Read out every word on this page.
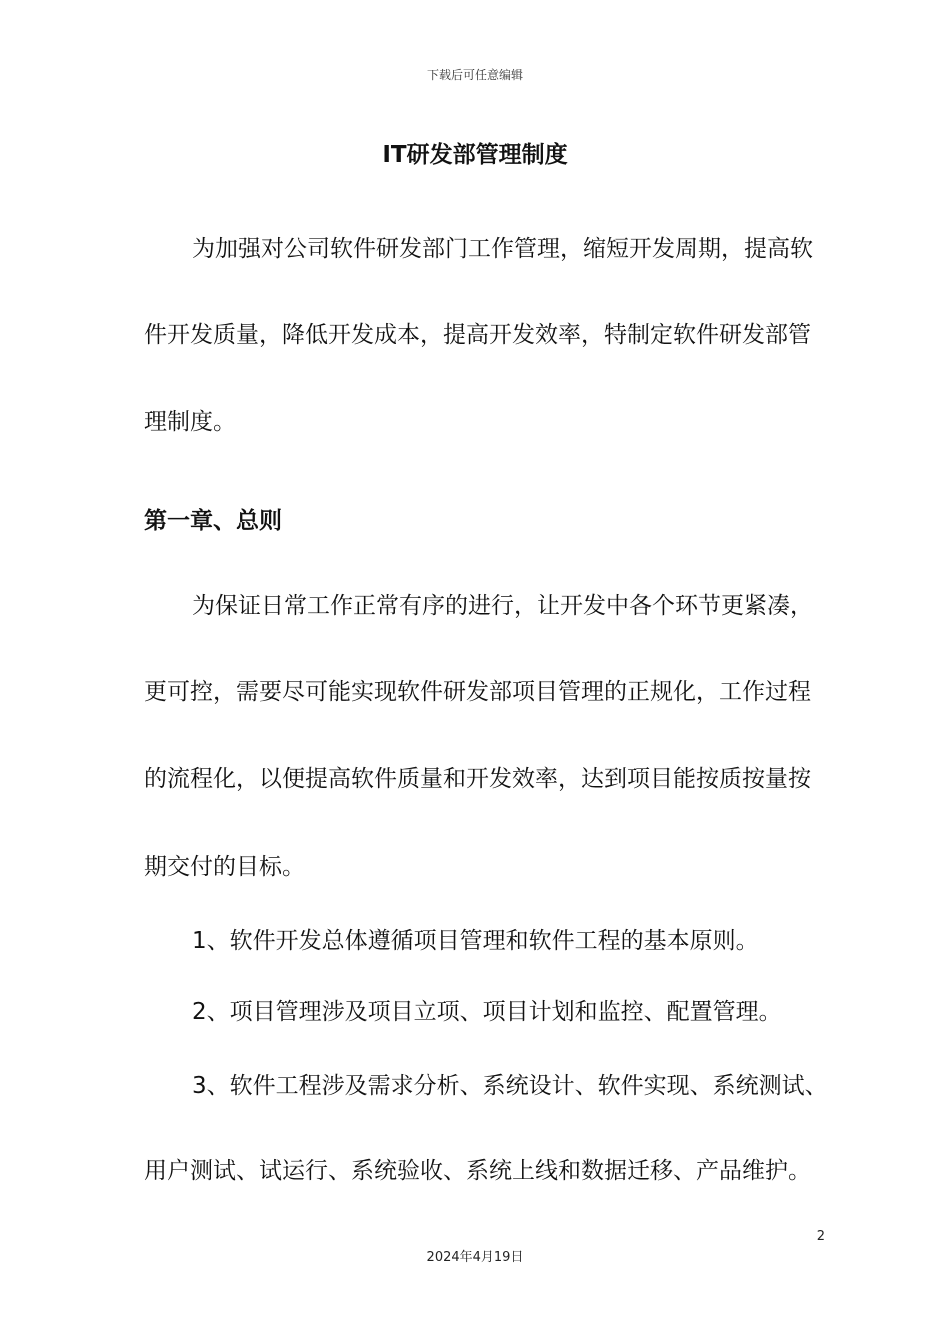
下载后可任意编辑
IT研发部管理制度
为加强对公司软件研发部门工作管理，缩短开发周期，提高软
件开发质量，降低开发成本，提高开发效率，特制定软件研发部管
理制度。
第一章、总则
为保证日常工作正常有序的进行，让开发中各个环节更紧凑，
更可控，需要尽可能实现软件研发部项目管理的正规化，工作过程
的流程化，以便提高软件质量和开发效率，达到项目能按质按量按
期交付的目标。
1、软件开发总体遵循项目管理和软件工程的基本原则。
2、项目管理涉及项目立项、项目计划和监控、配置管理。
3、软件工程涉及需求分析、系统设计、软件实现、系统测试、
用户测试、试运行、系统验收、系统上线和数据迁移、产品维护。
2
2024年4月19日
